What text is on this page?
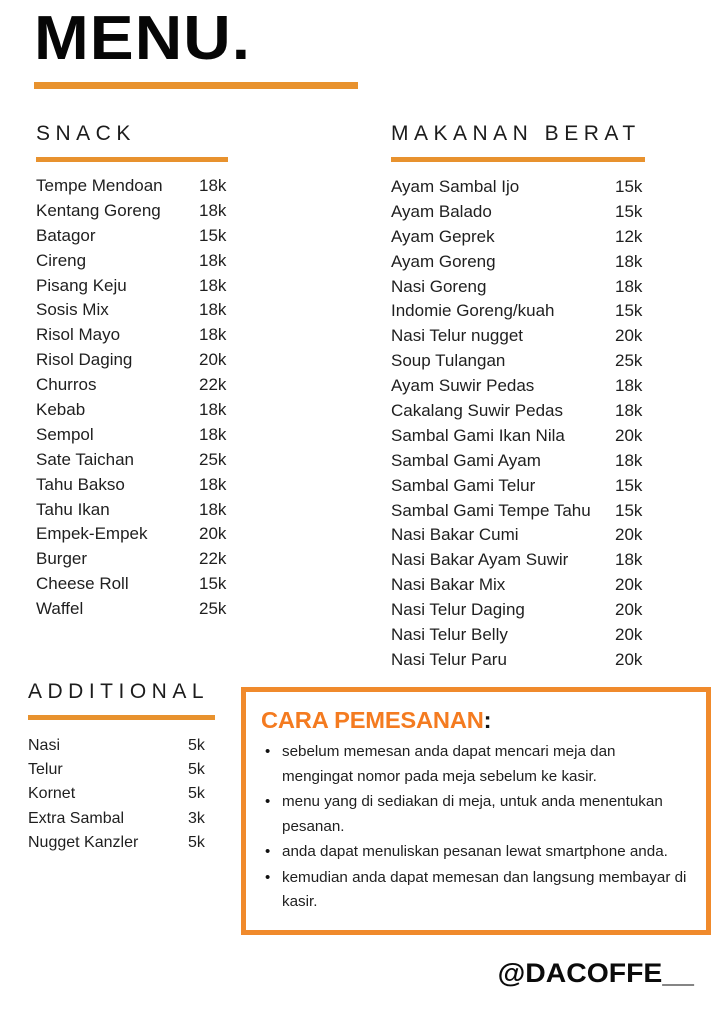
MENU.
SNACK
Tempe Mendoan	18k
Kentang Goreng	18k
Batagor	15k
Cireng	18k
Pisang Keju	18k
Sosis Mix	18k
Risol Mayo	18k
Risol Daging	20k
Churros	22k
Kebab	18k
Sempol	18k
Sate Taichan	25k
Tahu Bakso	18k
Tahu Ikan	18k
Empek-Empek	20k
Burger	22k
Cheese Roll	15k
Waffel	25k
MAKANAN BERAT
Ayam Sambal Ijo	15k
Ayam Balado	15k
Ayam Geprek	12k
Ayam Goreng	18k
Nasi Goreng	18k
Indomie Goreng/kuah	15k
Nasi Telur nugget	20k
Soup Tulangan	25k
Ayam Suwir Pedas	18k
Cakalang Suwir Pedas	18k
Sambal Gami Ikan Nila	20k
Sambal Gami Ayam	18k
Sambal Gami Telur	15k
Sambal Gami Tempe Tahu	15k
Nasi Bakar Cumi	20k
Nasi Bakar Ayam Suwir	18k
Nasi Bakar Mix	20k
Nasi Telur Daging	20k
Nasi Telur Belly	20k
Nasi Telur Paru	20k
ADDITIONAL
Nasi	5k
Telur	5k
Kornet	5k
Extra Sambal	3k
Nugget Kanzler	5k
CARA PEMESANAN:
• sebelum memesan anda dapat mencari meja dan mengingat nomor pada meja sebelum ke kasir.
• menu yang di sediakan di meja, untuk anda menentukan pesanan.
• anda dapat menuliskan pesanan lewat smartphone anda.
• kemudian anda dapat memesan dan langsung membayar di kasir.
@DACOFFE__
